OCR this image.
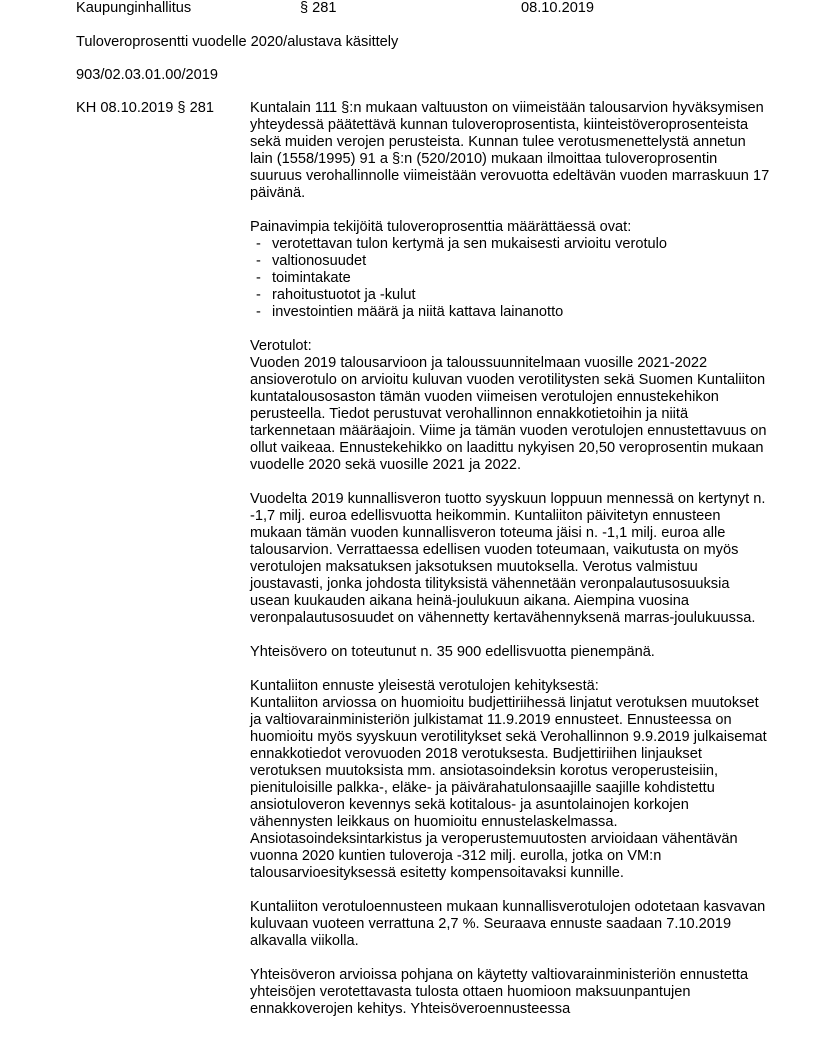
Kaupunginhallitus	§ 281	08.10.2019
Tuloveroprosentti vuodelle 2020/alustava käsittely
903/02.03.01.00/2019
KH 08.10.2019 § 281 Kuntalain 111 §:n mukaan valtuuston on viimeistään talousarvion hyväksymisen yhteydessä päätettävä kunnan tuloveroprosentista, kiinteistöveroprosenteista sekä muiden verojen perusteista. Kunnan tulee verotusmenettelystä annetun lain (1558/1995) 91 a §:n (520/2010) mukaan ilmoittaa tuloveroprosentin suuruus verohallinnolle viimeistään verovuotta edeltävän vuoden marraskuun 17 päivänä.

Painavimpia tekijöitä tuloveroprosenttia määrättäessä ovat:

- verotettavan tulon kertymä ja sen mukaisesti arvioitu verotulo
- valtionosuudet
- toimintakate
- rahoitustuotot ja -kulut
- investointien määrä ja niitä kattava lainanotto

Verotulot:

Vuoden 2019 talousarvioon ja taloussuunnitelmaan vuosille 2021-2022 ansioverotulo on arvioitu kuluvan vuoden verotilitysten sekä Suomen Kuntaliiton kuntatalousosaston tämän vuoden viimeisen verotulojen ennustekehikon perusteella. Tiedot perustuvat verohallinnon ennakkotietoihin ja niitä tarkennetaan määräajoin. Viime ja tämän vuoden verotulojen ennustettavuus on ollut vaikeaa. Ennustekehikko on laadittu nykyisen 20,50 veroprosentin mukaan vuodelle 2020 sekä vuosille 2021 ja 2022.

Vuodelta 2019 kunnallisveron tuotto syyskuun loppuun mennessä on kertynyt n. -1,7 milj. euroa edellisvuotta heikommin. Kuntaliiton päivitetyn ennusteen mukaan tämän vuoden kunnallisveron toteuma jäisi n. -1,1 milj. euroa alle talousarvion. Verrattaessa edellisen vuoden toteumaan, vaikutusta on myös verotulojen maksatuksen jaksotuksen muutoksella. Verotus valmistuu joustavasti, jonka johdosta tilityksistä vähennetään veronpalautusosuuksia usean kuukauden aikana heinä-joulukuun aikana. Aiempina vuosina veronpalautusosuudet on vähennetty kertavähennyksenä marras-joulukuussa.

Yhteisövero on toteutunut n. 35 900 edellisvuotta pienempänä.

Kuntaliiton ennuste yleisestä verotulojen kehityksestä:

Kuntaliiton arviossa on huomioitu budjettiriihessä linjatut verotuksen muutokset ja valtiovarainministeriön julkistamat 11.9.2019 ennusteet. Ennusteessa on huomioitu myös syyskuun verotilitykset sekä Verohallinnon 9.9.2019 julkaisemat ennakkotiedot verovuoden 2018 verotuksesta. Budjettiriihen linjaukset verotuksen muutoksista mm. ansiotasoindeksin korotus veroperusteisiin, pienituloisille palkka-, eläke- ja päivärahatulonsaajille saajille kohdistettu ansiotuloveron kevennys sekä kotitalous- ja asuntolainojen korkojen vähennysten leikkaus on huomioitu ennustelaskelmassa. Ansiotasoindeksintarkistus ja veroperustemuutosten arvioidaan vähentävän vuonna 2020 kuntien tuloveroja -312 milj. eurolla, jotka on VM:n talousarvioesityksessä esitetty kompensoitavaksi kunnille.

Kuntaliiton verotuloennusteen mukaan kunnallisverotulojen odotetaan kasvavan kuluvaan vuoteen verrattuna 2,7 %. Seuraava ennuste saadaan 7.10.2019 alkavalla viikolla.

Yhteisöveron arvioissa pohjana on käytetty valtiovarainministeriön ennustetta yhteisöjen verotettavasta tulosta ottaen huomioon maksuunpantujen ennakkoverojen kehitys. Yhteisöveroennusteessa
